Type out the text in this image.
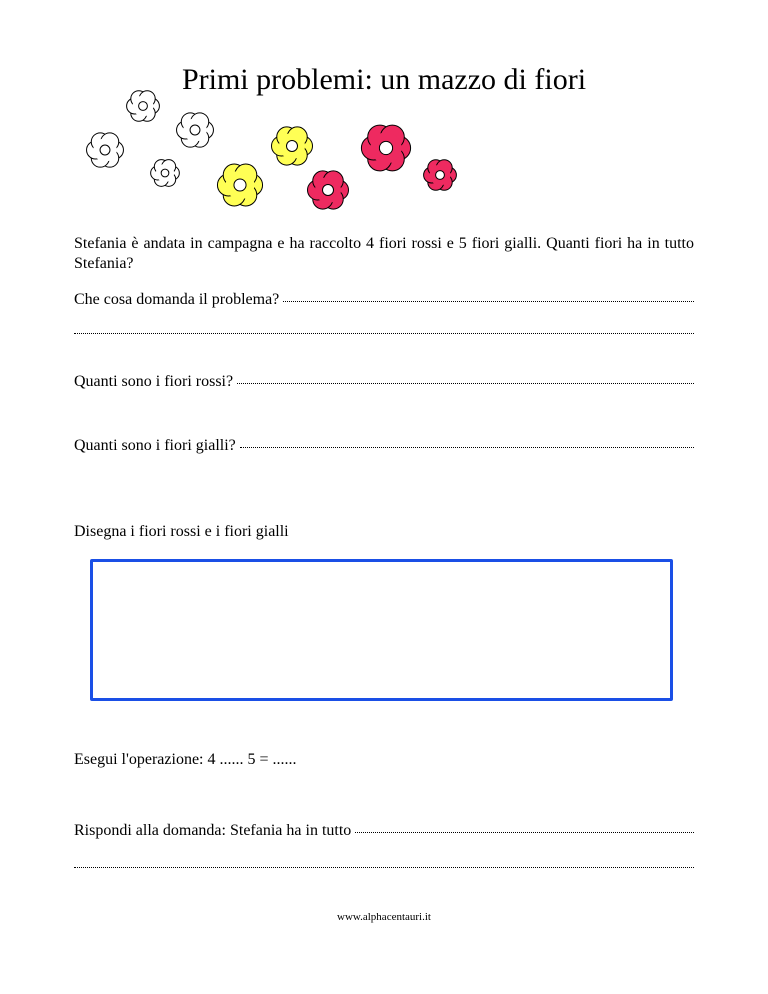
Primi problemi: un mazzo di fiori
Stefania è andata in campagna e ha raccolto 4 fiori rossi e 5 fiori gialli. Quanti fiori ha in tutto Stefania?
Che cosa domanda il problema?
Quanti sono i fiori rossi?
Quanti sono i fiori gialli?
Disegna i fiori rossi e i fiori gialli
Esegui l'operazione: 4 ...... 5 = ......
Rispondi alla domanda: Stefania ha in tutto
www.alphacentauri.it
